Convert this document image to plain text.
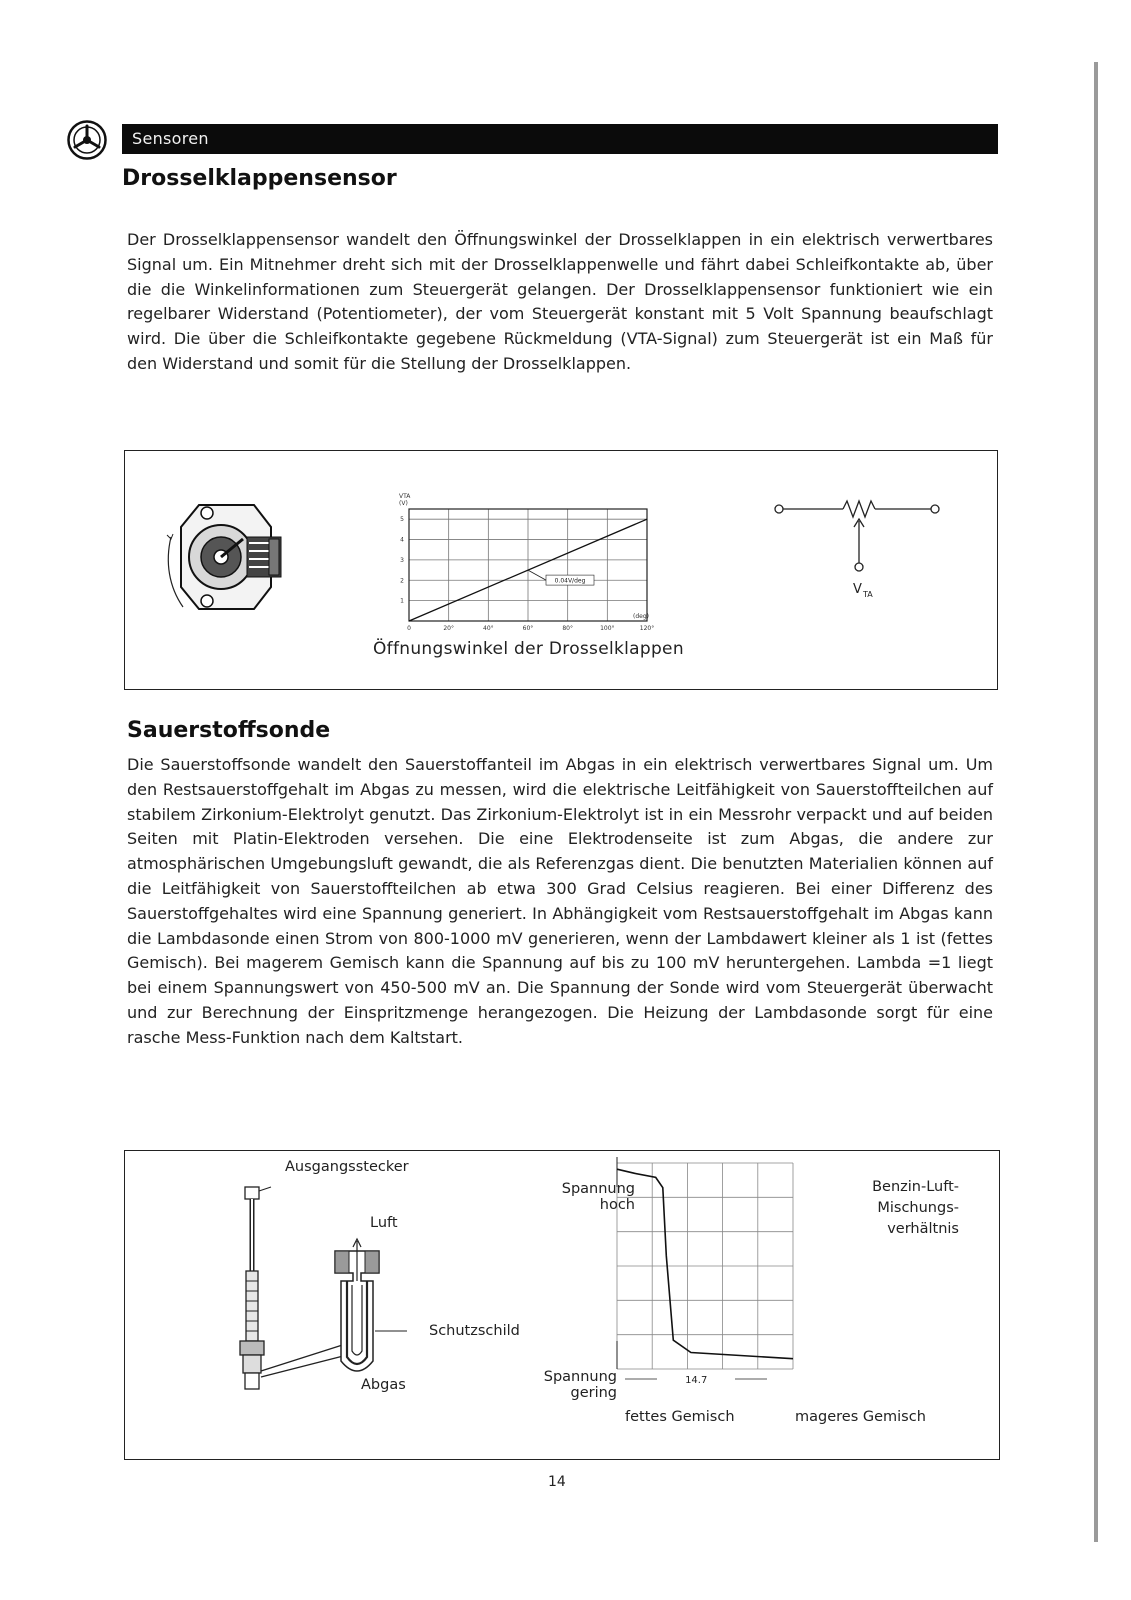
Sensoren
Drosselklappensensor

Der Drosselklappensensor wandelt den Öffnungswinkel der Drosselklappen in ein elektrisch verwertbares Signal um. Ein Mitnehmer dreht sich mit der Drosselklappenwelle und fährt dabei Schleifkontakte ab, über die die Winkelinformationen zum Steuergerät gelangen. Der Drosselklappensensor funktioniert wie ein regelbarer Widerstand (Potentiometer), der vom Steuergerät konstant mit 5 Volt Spannung beaufschlagt wird. Die über die Schleifkontakte gegebene Rückmeldung (VTA-Signal) zum Steuergerät ist ein Maß für den Widerstand und somit für die Stellung der Drosselklappen.

0	20°	40°	60°	80°	100°	120°
1
2
3
4
5
VTA
(V)
(deg)
0.04V/deg
V TA
Öffnungswinkel der Drosselklappen
Sauerstoffsonde

Die Sauerstoffsonde wandelt den Sauerstoffanteil im Abgas in ein elektrisch verwertbares Signal um. Um den Restsauerstoffgehalt im Abgas zu messen, wird die elektrische Leitfähigkeit von Sauerstoffteilchen auf stabilem Zirkonium-Elektrolyt genutzt. Das Zirkonium-Elektrolyt ist in ein Messrohr verpackt und auf beiden Seiten mit Platin-Elektroden versehen. Die eine Elektrodenseite ist zum Abgas, die andere zur atmosphärischen Umgebungsluft gewandt, die als Referenzgas dient. Die benutzten Materialien können auf die Leitfähigkeit von Sauerstoffteilchen ab etwa 300 Grad Celsius reagieren. Bei einer Differenz des Sauerstoffgehaltes wird eine Spannung generiert. In Abhängigkeit vom Restsauerstoffgehalt im Abgas kann die Lambdasonde einen Strom von 800-1000 mV generieren, wenn der Lambdawert kleiner als 1 ist (fettes Gemisch). Bei magerem Gemisch kann die Spannung auf bis zu 100 mV heruntergehen. Lambda =1 liegt bei einem Spannungswert von 450-500 mV an. Die Spannung der Sonde wird vom Steuergerät überwacht und zur Berechnung der Einspritzmenge herangezogen. Die Heizung der Lambdasonde sorgt für eine rasche Mess-Funktion nach dem Kaltstart.

Ausgangsstecker
Luft
Schutzschild
Abgas	14.7
Spannung
hoch
Spannung
gering
Benzin-Luft-
Mischungs-
verhältnis
fettes Gemisch	mageres Gemisch
14
